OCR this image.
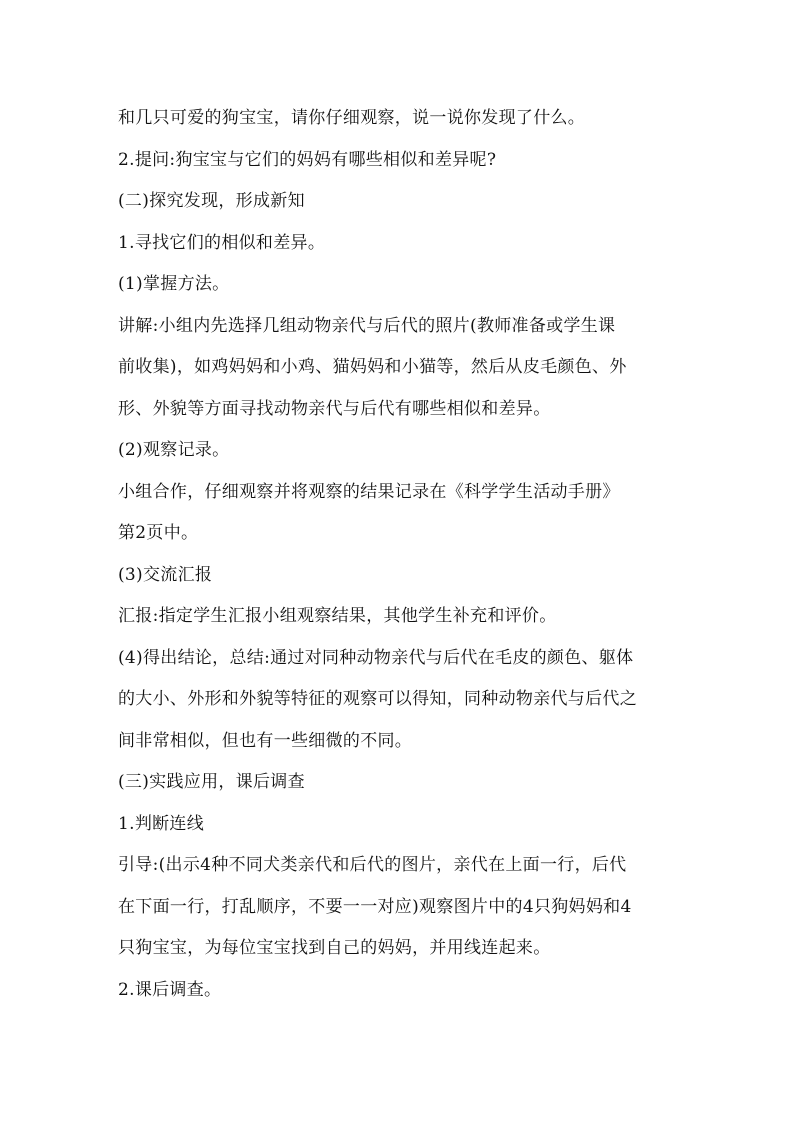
和几只可爱的狗宝宝，请你仔细观察，说一说你发现了什么。
2.提问:狗宝宝与它们的妈妈有哪些相似和差异呢?
(二)探究发现，形成新知
1.寻找它们的相似和差异。
(1)掌握方法。
讲解:小组内先选择几组动物亲代与后代的照片(教师准备或学生课
前收集)，如鸡妈妈和小鸡、猫妈妈和小猫等，然后从皮毛颜色、外
形、外貌等方面寻找动物亲代与后代有哪些相似和差异。
(2)观察记录。
小组合作，仔细观察并将观察的结果记录在《科学学生活动手册》
第2页中。
(3)交流汇报
汇报:指定学生汇报小组观察结果，其他学生补充和评价。
(4)得出结论，总结:通过对同种动物亲代与后代在毛皮的颜色、躯体
的大小、外形和外貌等特征的观察可以得知，同种动物亲代与后代之
间非常相似，但也有一些细微的不同。
(三)实践应用，课后调查
1.判断连线
引导:(出示4种不同犬类亲代和后代的图片，亲代在上面一行，后代
在下面一行，打乱顺序，不要一一对应)观察图片中的4只狗妈妈和4
只狗宝宝，为每位宝宝找到自己的妈妈，并用线连起来。
2.课后调查。
